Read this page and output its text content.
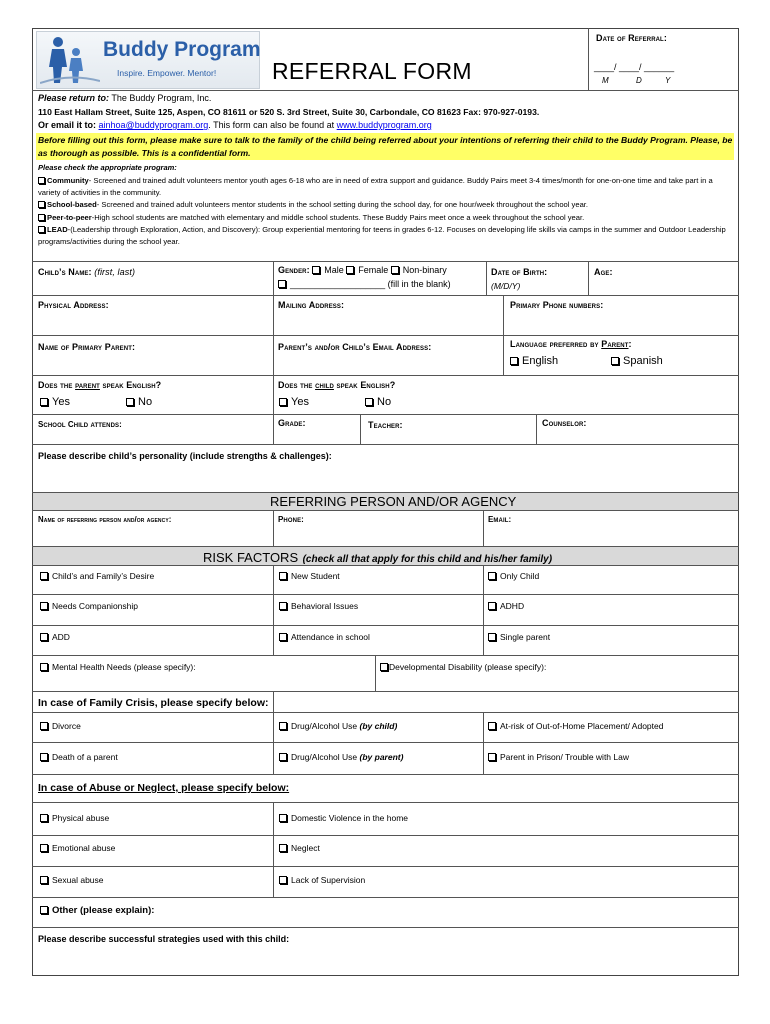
Buddy Program
Inspire. Empower. Mentor! REFERRAL FORM
Date of Referral:
____/ ____/ ______
M	D	Y
Please return to: The Buddy Program, Inc.
110 East Hallam Street, Suite 125, Aspen, CO 81611 or 520 S. 3rd Street, Suite 30, Carbondale, CO 81623 Fax: 970-927-0193.
Or email it to: ainhoa@buddyprogram.org. This form can also be found at www.buddyprogram.org
Before filling out this form, please make sure to talk to the family of the child being referred about your intentions of referring their child to the Buddy Program. Please, be as thorough as possible. This is a confidential form.
Please check the appropriate program:
Community- Screened and trained adult volunteers mentor youth ages 6-18 who are in need of extra support and guidance. Buddy Pairs meet 3-4 times/month for one-on-one time and take part in a variety of activities in the community.
School-based- Screened and trained adult volunteers mentor students in the school setting during the school day, for one hour/week throughout the school year.
Peer-to-peer-High school students are matched with elementary and middle school students. These Buddy Pairs meet once a week throughout the school year.
LEAD-(Leadership through Exploration, Action, and Discovery): Group experiential mentoring for teens in grades 6-12. Focuses on developing life skills via camps in the summer and Outdoor Leadership programs/activities during the school year.
Child’s Name: (first, last)	Gender: Male Female Non-binary
___________________ (fill in the blank)
Date of Birth:
(M/D/Y)
Age:
Physical Address:	Mailing Address:	Primary Phone numbers:
Name of Primary Parent:	Parent’s and/or Child’s Email Address:	Language preferred by Parent:
English	Spanish
Does the parent speak English?
Yes	No
Does the child speak English?
Yes	No
School Child attends:	Grade:	Teacher:	Counselor:
Please describe child’s personality (include strengths & challenges):
REFERRING PERSON AND/OR AGENCY
Name of referring person and/or agency:	Phone:	Email:
RISK FACTORS (check all that apply for this child and his/her family)
Child’s and Family’s Desire	New Student	Only Child
Needs Companionship	Behavioral Issues	ADHD
ADD	Attendance in school	Single parent
Mental Health Needs (please specify):	Developmental Disability (please specify):
In case of Family Crisis, please specify below:
Divorce	Drug/Alcohol Use (by child)	At-risk of Out-of-Home Placement/ Adopted
Death of a parent	Drug/Alcohol Use (by parent)	Parent in Prison/ Trouble with Law
In case of Abuse or Neglect, please specify below:
Physical abuse	Domestic Violence in the home
Emotional abuse	Neglect
Sexual abuse	Lack of Supervision
Other (please explain):
Please describe successful strategies used with this child:
